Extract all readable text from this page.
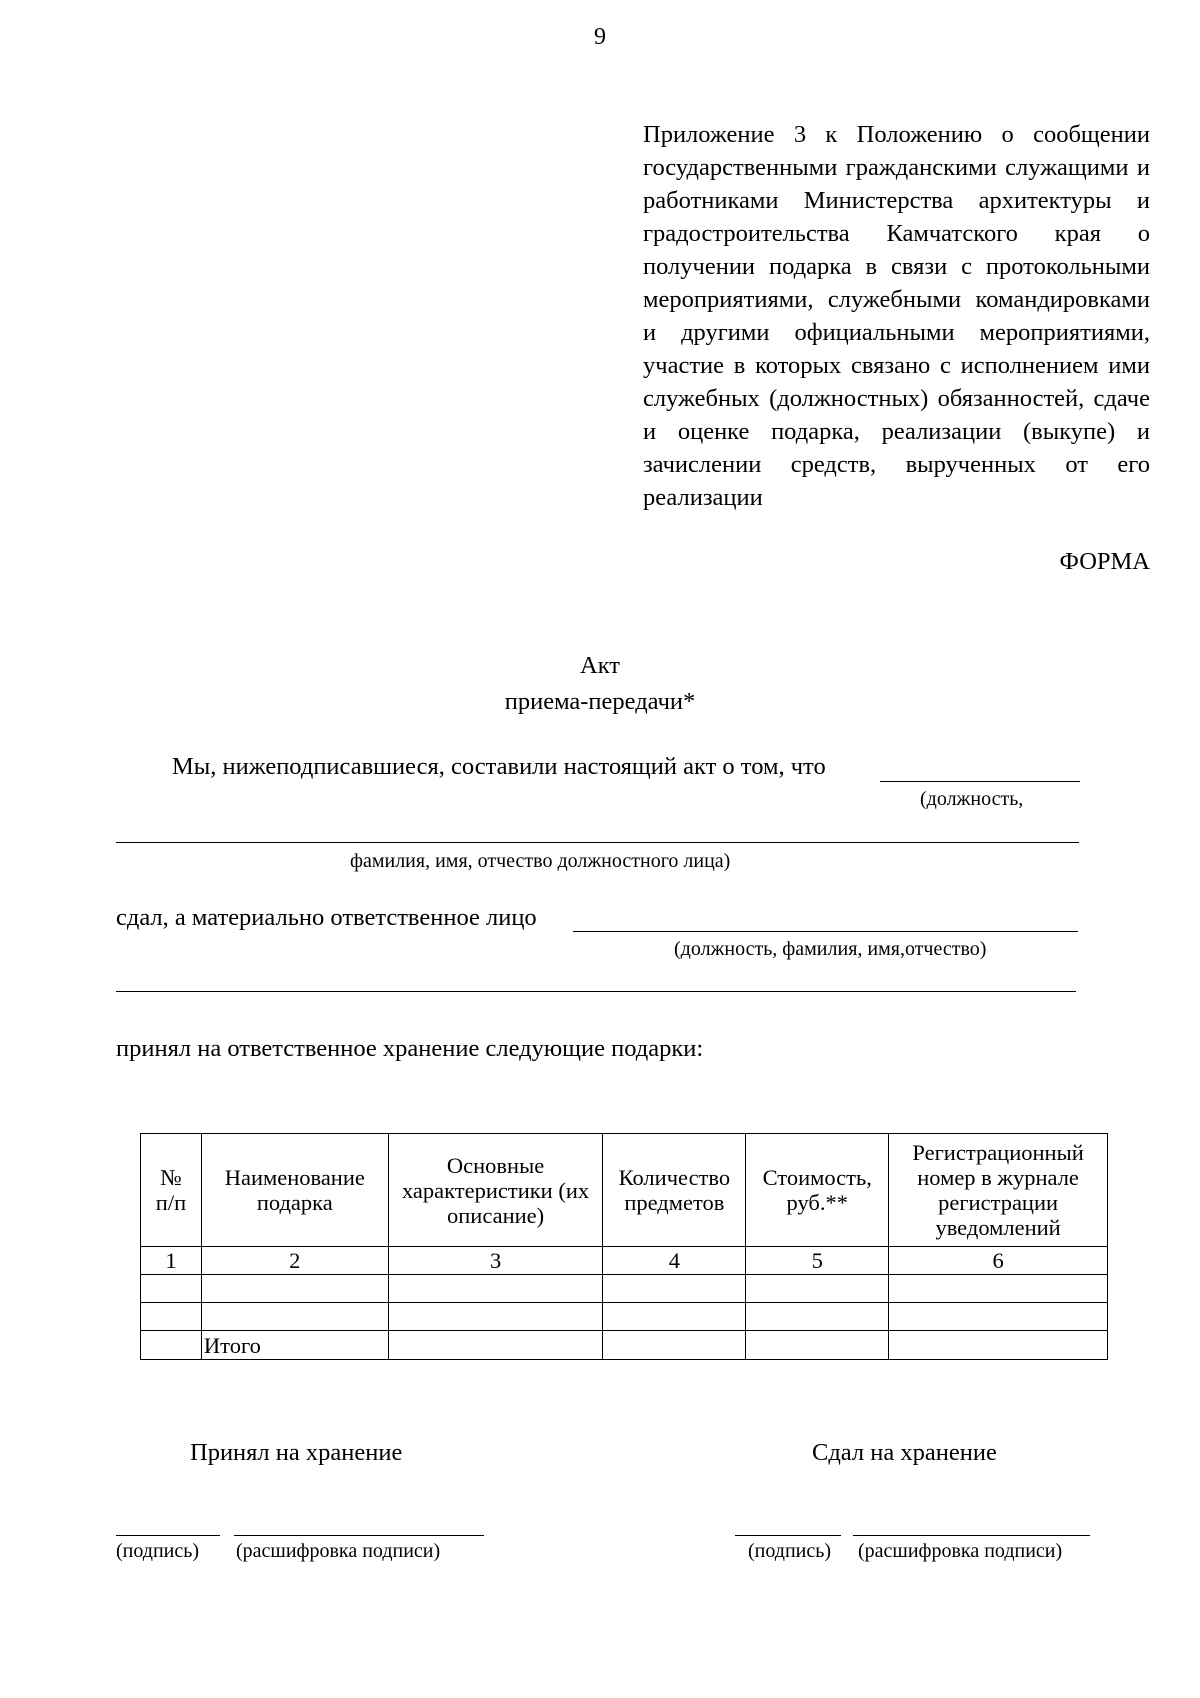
9
Приложение 3 к Положению о сообщении государственными гражданскими служащими и работниками Министерства архитектуры и градостроительства Камчатского края о получении подарка в связи с протокольными мероприятиями, служебными командировками и другими официальными мероприятиями, участие в которых связано с исполнением ими служебных (должностных) обязанностей, сдаче и оценке подарка, реализации (выкупе) и зачислении средств, вырученных от его реализации
ФОРМА
Акт
приема-передачи*
Мы, нижеподписавшиеся, составили настоящий акт о том, что
(должность,
фамилия, имя, отчество должностного лица)
сдал, а материально ответственное лицо
(должность, фамилия, имя,отчество)
принял на ответственное хранение следующие подарки:
№ п/п	Наименование подарка	Основные характеристики (их описание)	Количество предметов	Стоимость, руб.**	Регистрационный номер в журнале регистрации уведомлений
1	2	3	4	5	6

	Итого				
Принял на хранение	Сдал на хранение
(подпись) (расшифровка подписи)	(подпись) (расшифровка подписи)
